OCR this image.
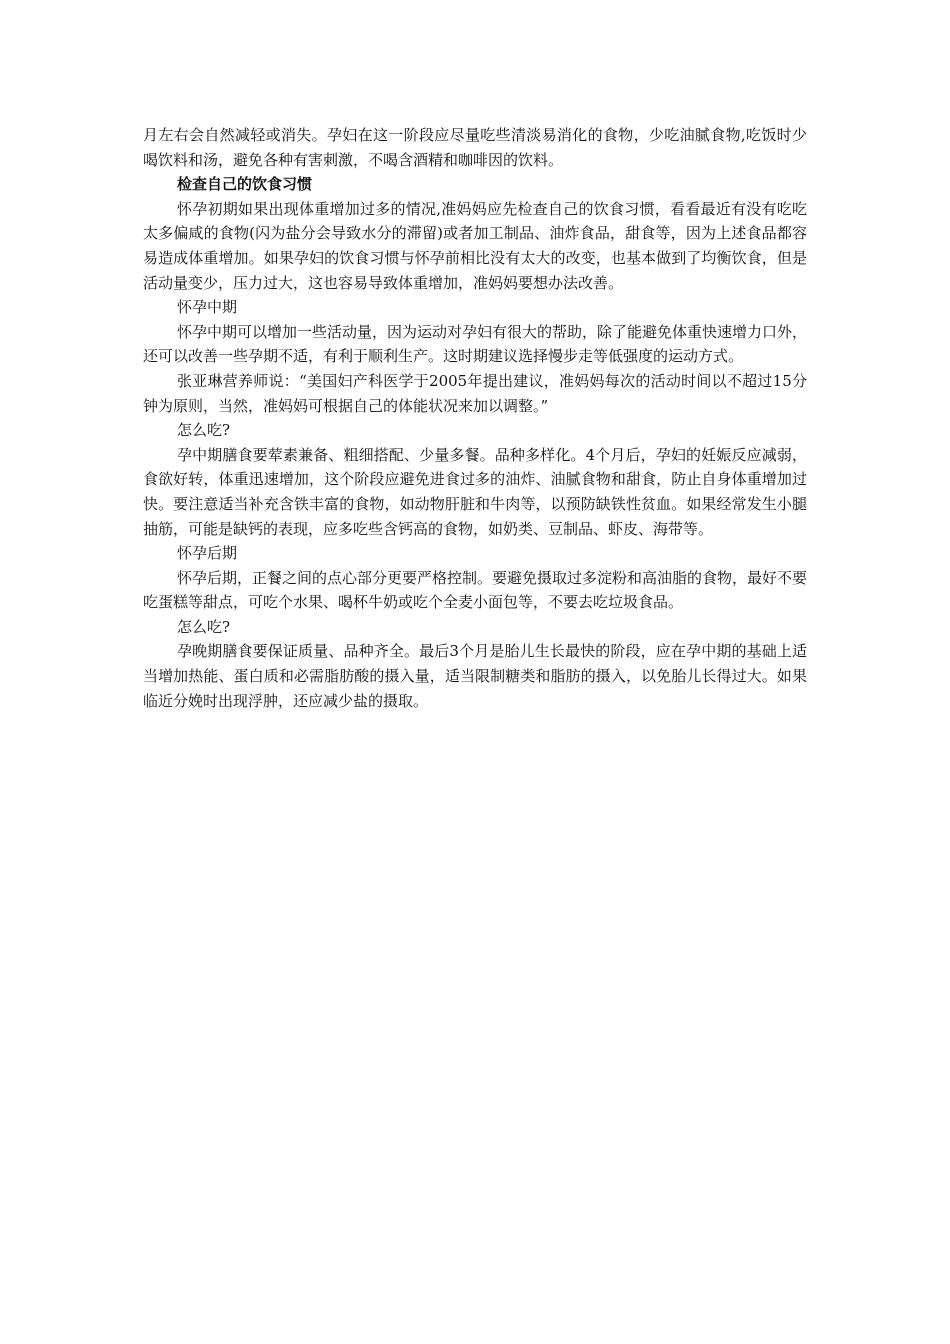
月左右会自然减轻或消失。孕妇在这一阶段应尽量吃些清淡易消化的食物，少吃油腻食物,吃饭时少喝饮料和汤，避免各种有害刺激，不喝含酒精和咖啡因的饮料。

检查自己的饮食习惯

怀孕初期如果出现体重增加过多的情况,准妈妈应先检查自己的饮食习惯，看看最近有没有吃吃太多偏咸的食物(闪为盐分会导致水分的滞留)或者加工制品、油炸食品，甜食等，因为上述食品都容易造成体重增加。如果孕妇的饮食习惯与怀孕前相比没有太大的改变，也基本做到了均衡饮食，但是活动量变少，压力过大，这也容易导致体重增加，准妈妈要想办法改善。

怀孕中期

怀孕中期可以增加一些活动量，因为运动对孕妇有很大的帮助，除了能避免体重快速增力口外，还可以改善一些孕期不适，有利于顺利生产。这时期建议选择慢步走等低强度的运动方式。

张亚琳营养师说：“美国妇产科医学于2005年提出建议，准妈妈每次的活动时间以不超过15分钟为原则，当然，准妈妈可根据自己的体能状况来加以调整。”

怎么吃?

孕中期膳食要荤素兼备、粗细搭配、少量多餐。品种多样化。4个月后，孕妇的妊娠反应减弱，食欲好转，体重迅速增加，这个阶段应避免进食过多的油炸、油腻食物和甜食，防止自身体重增加过快。要注意适当补充含铁丰富的食物，如动物肝脏和牛肉等，以预防缺铁性贫血。如果经常发生小腿抽筋，可能是缺钙的表现，应多吃些含钙高的食物，如奶类、豆制品、虾皮、海带等。

怀孕后期

怀孕后期，正餐之间的点心部分更要严格控制。要避免摄取过多淀粉和高油脂的食物，最好不要吃蛋糕等甜点，可吃个水果、喝杯牛奶或吃个全麦小面包等，不要去吃垃圾食品。

怎么吃?

孕晚期膳食要保证质量、品种齐全。最后3个月是胎儿生长最快的阶段，应在孕中期的基础上适当增加热能、蛋白质和必需脂肪酸的摄入量，适当限制糖类和脂肪的摄入，以免胎儿长得过大。如果临近分娩时出现浮肿，还应减少盐的摄取。
